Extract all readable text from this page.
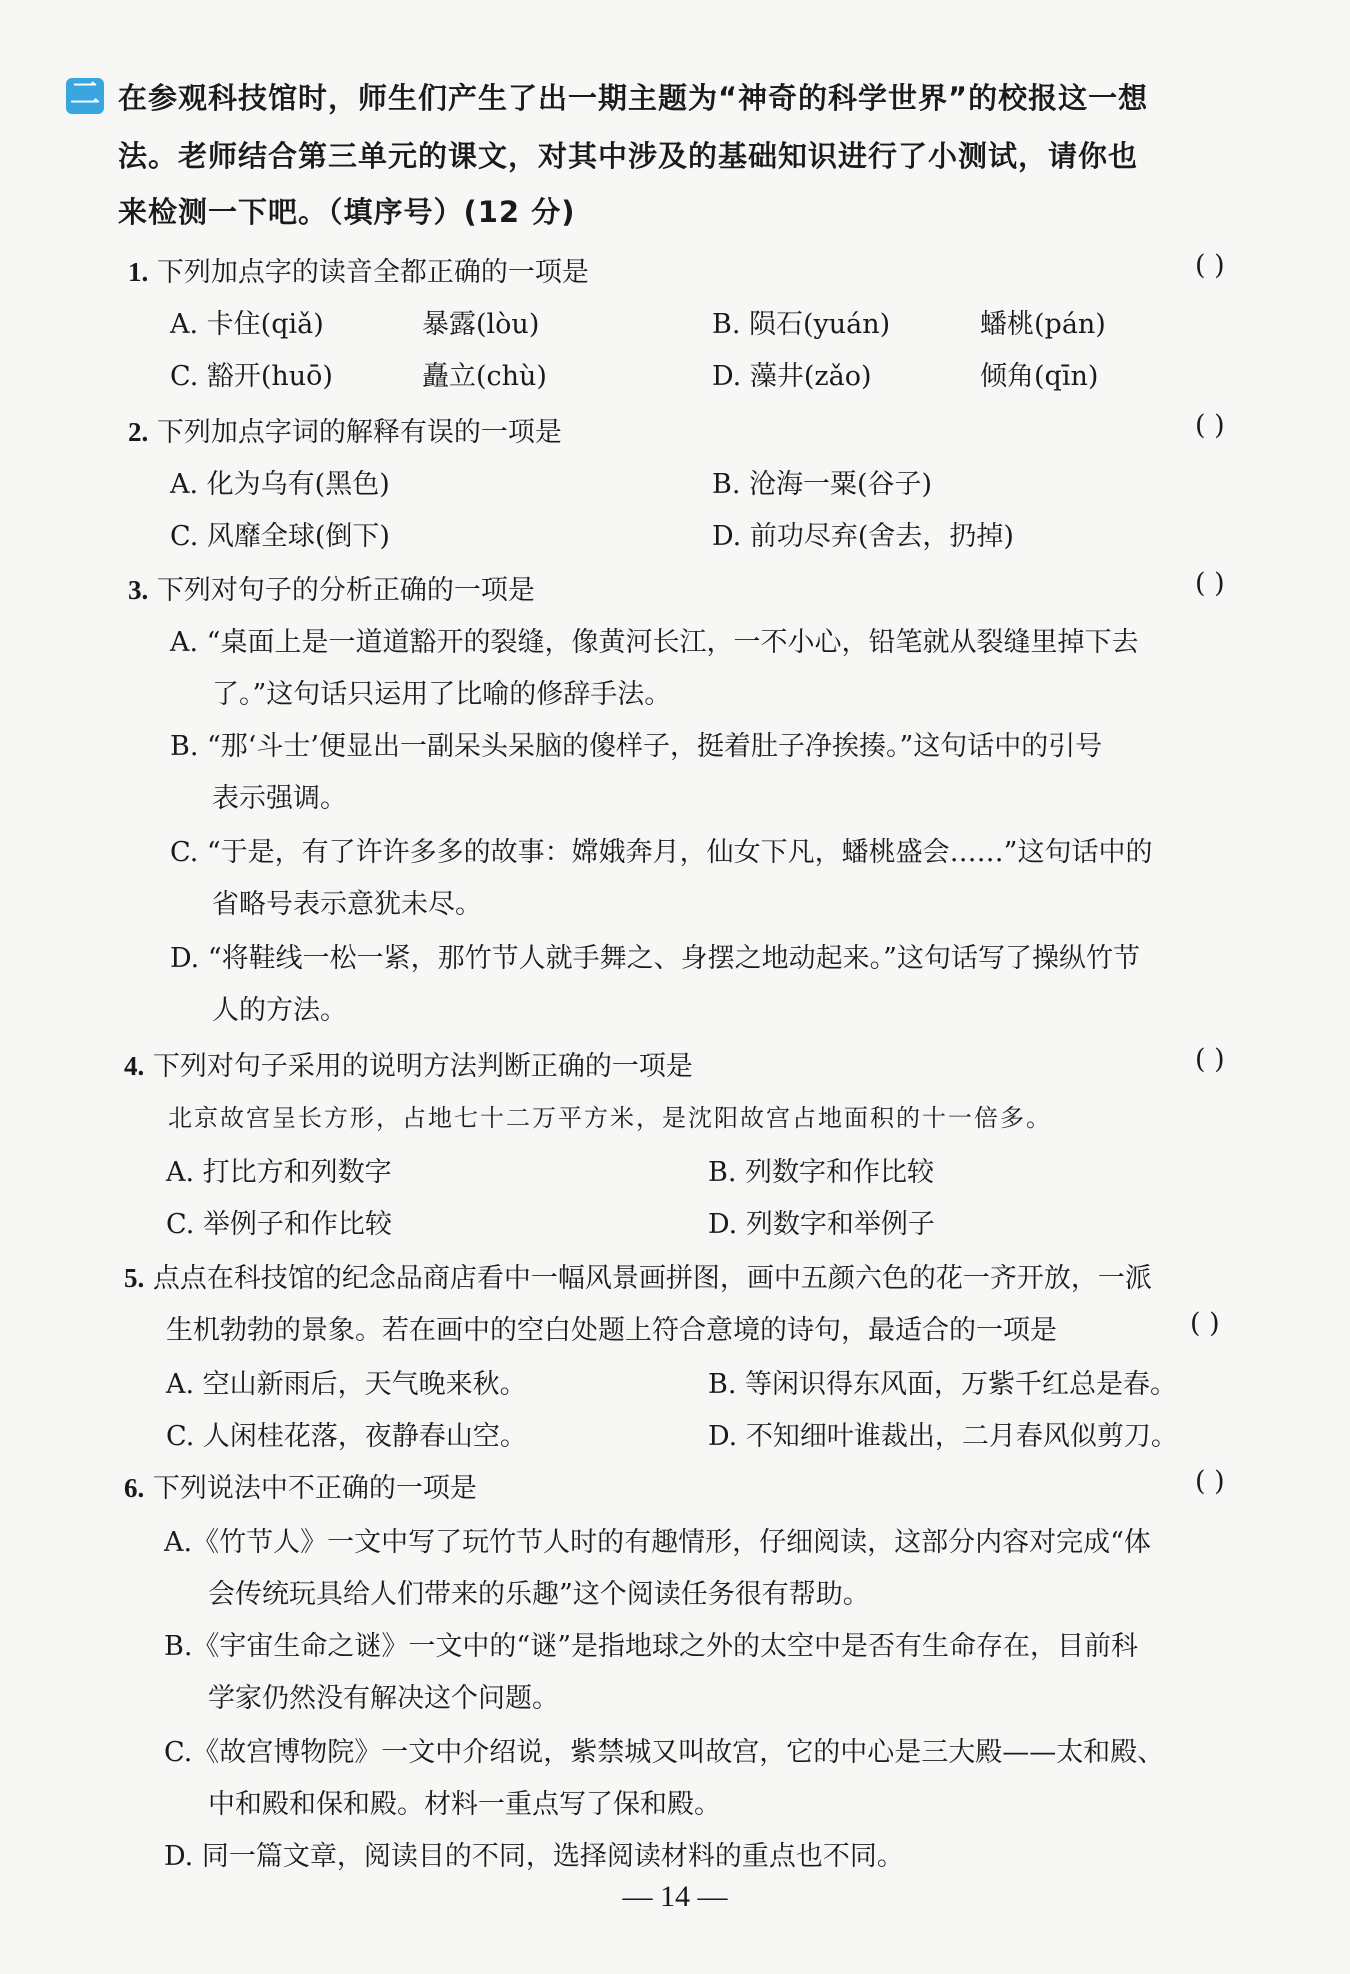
二 在参观科技馆时，师生们产生了出一期主题为“神奇的科学世界”的校报这一想
法。老师结合第三单元的课文，对其中涉及的基础知识进行了小测试，请你也
来检测一下吧。（填序号）(12 分)
1. 下列加点字的读音全都正确的一项是	( )
A. 卡住(qiǎ)	暴露(lòu)	B. 陨石(yuán)	蟠桃(pán)
C. 豁开(huō)	矗立(chù)	D. 藻井(zǎo)	倾角(qīn)
2. 下列加点字词的解释有误的一项是	( )
A. 化为乌有(黑色)	B. 沧海一粟(谷子)
C. 风靡全球(倒下)	D. 前功尽弃(舍去，扔掉)
3. 下列对句子的分析正确的一项是	( )
A. “桌面上是一道道豁开的裂缝，像黄河长江，一不小心，铅笔就从裂缝里掉下去
了。”这句话只运用了比喻的修辞手法。
B. “那‘斗士’便显出一副呆头呆脑的傻样子，挺着肚子净挨揍。”这句话中的引号
表示强调。
C. “于是，有了许许多多的故事：嫦娥奔月，仙女下凡，蟠桃盛会……”这句话中的
省略号表示意犹未尽。
D. “将鞋线一松一紧，那竹节人就手舞之、身摆之地动起来。”这句话写了操纵竹节
人的方法。
4. 下列对句子采用的说明方法判断正确的一项是	( )
北京故宫呈长方形，占地七十二万平方米，是沈阳故宫占地面积的十一倍多。
A. 打比方和列数字	B. 列数字和作比较
C. 举例子和作比较	D. 列数字和举例子
5. 点点在科技馆的纪念品商店看中一幅风景画拼图，画中五颜六色的花一齐开放，一派
生机勃勃的景象。若在画中的空白处题上符合意境的诗句，最适合的一项是	( )
A. 空山新雨后，天气晚来秋。	B. 等闲识得东风面，万紫千红总是春。
C. 人闲桂花落，夜静春山空。	D. 不知细叶谁裁出，二月春风似剪刀。
6. 下列说法中不正确的一项是	( )
A.《竹节人》一文中写了玩竹节人时的有趣情形，仔细阅读，这部分内容对完成“体
会传统玩具给人们带来的乐趣”这个阅读任务很有帮助。
B.《宇宙生命之谜》一文中的“谜”是指地球之外的太空中是否有生命存在，目前科
学家仍然没有解决这个问题。
C.《故宫博物院》一文中介绍说，紫禁城又叫故宫，它的中心是三大殿——太和殿、
中和殿和保和殿。材料一重点写了保和殿。
D. 同一篇文章，阅读目的不同，选择阅读材料的重点也不同。
— 14 —
